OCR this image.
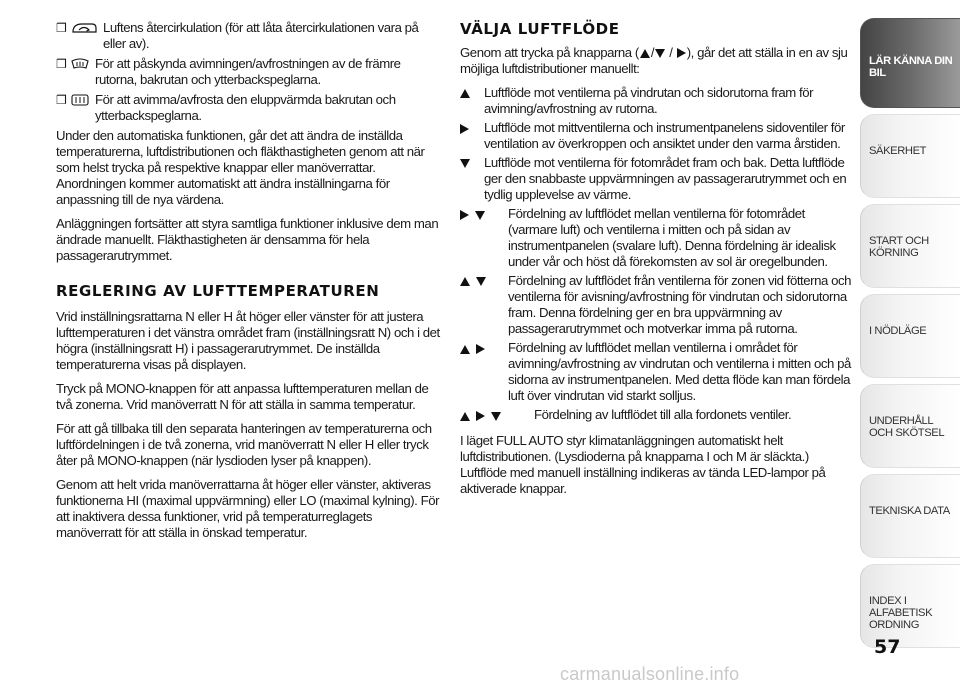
❒	Luftens återcirkulation (för att låta återcirkulationen vara på eller av).
❒ För att påskynda avimningen/avfrostningen av de främre rutorna, bakrutan och ytterbackspeglarna.
❒ För att avimma/avfrosta den eluppvärmda bakrutan och ytterbackspeglarna.

Under den automatiska funktionen, går det att ändra de inställda temperaturerna, luftdistributionen och fläkthastigheten genom att när som helst trycka på respektive knappar eller manöverrattar. Anordningen kommer automatiskt att ändra inställningarna för anpassning till de nya värdena.

Anläggningen fortsätter att styra samtliga funktioner inklusive dem man ändrade manuellt. Fläkthastigheten är densamma för hela passagerarutrymmet.

REGLERING AV LUFTTEMPERATUREN

Vrid inställningsrattarna N eller H åt höger eller vänster för att justera lufttemperaturen i det vänstra området fram (inställningsratt N) och i det högra (inställningsratt H) i passagerarutrymmet. De inställda temperaturerna visas på displayen.

Tryck på MONO-knappen för att anpassa lufttemperaturen mellan de två zonerna. Vrid manöverratt N för att ställa in samma temperatur.

För att gå tillbaka till den separata hanteringen av temperaturerna och luftfördelningen i de två zonerna, vrid manöverratt N eller H eller tryck åter på MONO-knappen (när lysdioden lyser på knappen).

Genom att helt vrida manöverrattarna åt höger eller vänster, aktiveras funktionerna HI (maximal uppvärmning) eller LO (maximal kylning). För att inaktivera dessa funktioner, vrid på temperaturreglagets manöverratt för att ställa in önskad temperatur.

VÄLJA LUFTFLÖDE

Genom att trycka på knapparna ( / / ), går det att ställa in en av sju möjliga luftdistributioner manuellt:

Luftflöde mot ventilerna på vindrutan och sidorutorna fram för avimning/avfrostning av rutorna.
Luftflöde mot mittventilerna och instrumentpanelens sidoventiler för ventilation av överkroppen och ansiktet under den varma årstiden.
Luftflöde mot ventilerna för fotområdet fram och bak. Detta luftflöde ger den snabbaste uppvärmningen av passagerarutrymmet och en tydlig upplevelse av värme.
Fördelning av luftflödet mellan ventilerna för fotområdet (varmare luft) och ventilerna i mitten och på sidan av instrumentpanelen (svalare luft). Denna fördelning är idealisk under vår och höst då förekomsten av sol är oregelbunden.
Fördelning av luftflödet från ventilerna för zonen vid fötterna och ventilerna för avisning/avfrostning för vindrutan och sidorutorna fram. Denna fördelning ger en bra uppvärmning av passagerarutrymmet och motverkar imma på rutorna.
Fördelning av luftflödet mellan ventilerna i området för avimning/avfrostning av vindrutan och ventilerna i mitten och på sidorna av instrumentpanelen. Med detta flöde kan man fördela luft över vindrutan vid starkt solljus.
Fördelning av luftflödet till alla fordonets ventiler.

I läget FULL AUTO styr klimatanläggningen automatiskt helt luftdistributionen. (Lysdioderna på knapparna I och M är släckta.) Luftflöde med manuell inställning indikeras av tända LED-lampor på aktiverade knappar.

LÄR KÄNNA DIN BIL
SÄKERHET
START OCH KÖRNING
I NÖDLÄGE
UNDERHÅLL OCH SKÖTSEL
TEKNISKA DATA
INDEX I ALFABETISK ORDNING
57
carmanualsonline.info
